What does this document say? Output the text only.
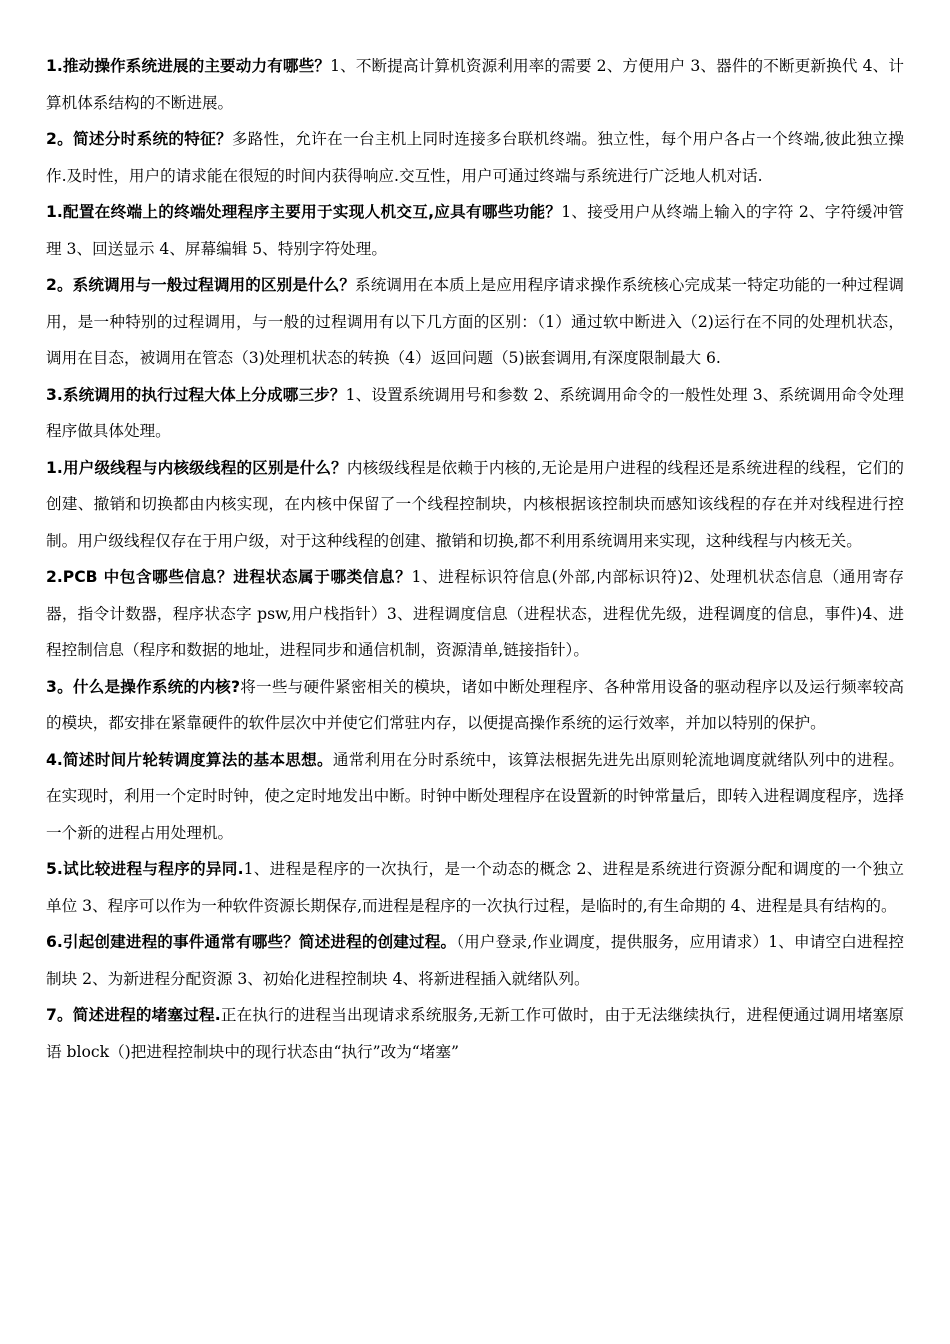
1.推动操作系统进展的主要动力有哪些？1、不断提高计算机资源利用率的需要 2、方便用户 3、器件的不断更新换代 4、计算机体系结构的不断进展。

2。简述分时系统的特征？多路性，允许在一台主机上同时连接多台联机终端。独立性，每个用户各占一个终端,彼此独立操作.及时性，用户的请求能在很短的时间内获得响应.交互性，用户可通过终端与系统进行广泛地人机对话.

1.配置在终端上的终端处理程序主要用于实现人机交互,应具有哪些功能？1、接受用户从终端上输入的字符 2、字符缓冲管理 3、回送显示 4、屏幕编辑 5、特别字符处理。

2。系统调用与一般过程调用的区别是什么？系统调用在本质上是应用程序请求操作系统核心完成某一特定功能的一种过程调用，是一种特别的过程调用，与一般的过程调用有以下几方面的区别：（1）通过软中断进入（2)运行在不同的处理机状态，调用在目态，被调用在管态（3)处理机状态的转换（4）返回问题（5)嵌套调用,有深度限制最大 6.

3.系统调用的执行过程大体上分成哪三步？1、设置系统调用号和参数 2、系统调用命令的一般性处理 3、系统调用命令处理程序做具体处理。

1.用户级线程与内核级线程的区别是什么？内核级线程是依赖于内核的,无论是用户进程的线程还是系统进程的线程，它们的创建、撤销和切换都由内核实现，在内核中保留了一个线程控制块，内核根据该控制块而感知该线程的存在并对线程进行控制。用户级线程仅存在于用户级，对于这种线程的创建、撤销和切换,都不利用系统调用来实现，这种线程与内核无关。

2.PCB 中包含哪些信息？进程状态属于哪类信息？1、进程标识符信息(外部,内部标识符)2、处理机状态信息（通用寄存器，指令计数器，程序状态字 psw,用户栈指针）3、进程调度信息（进程状态，进程优先级，进程调度的信息，事件)4、进程控制信息（程序和数据的地址，进程同步和通信机制，资源清单,链接指针）。

3。什么是操作系统的内核?将一些与硬件紧密相关的模块，诸如中断处理程序、各种常用设备的驱动程序以及运行频率较高的模块，都安排在紧靠硬件的软件层次中并使它们常驻内存，以便提高操作系统的运行效率，并加以特别的保护。

4.简述时间片轮转调度算法的基本思想。通常利用在分时系统中，该算法根据先进先出原则轮流地调度就绪队列中的进程。在实现时，利用一个定时时钟，使之定时地发出中断。时钟中断处理程序在设置新的时钟常量后，即转入进程调度程序，选择一个新的进程占用处理机。

5.试比较进程与程序的异同.1、进程是程序的一次执行，是一个动态的概念 2、进程是系统进行资源分配和调度的一个独立单位 3、程序可以作为一种软件资源长期保存,而进程是程序的一次执行过程，是临时的,有生命期的 4、进程是具有结构的。

6.引起创建进程的事件通常有哪些？简述进程的创建过程。（用户登录,作业调度，提供服务，应用请求）1、申请空白进程控制块 2、为新进程分配资源 3、初始化进程控制块 4、将新进程插入就绪队列。

7。简述进程的堵塞过程.正在执行的进程当出现请求系统服务,无新工作可做时，由于无法继续执行，进程便通过调用堵塞原语 block（)把进程控制块中的现行状态由“执行”改为“堵塞”
